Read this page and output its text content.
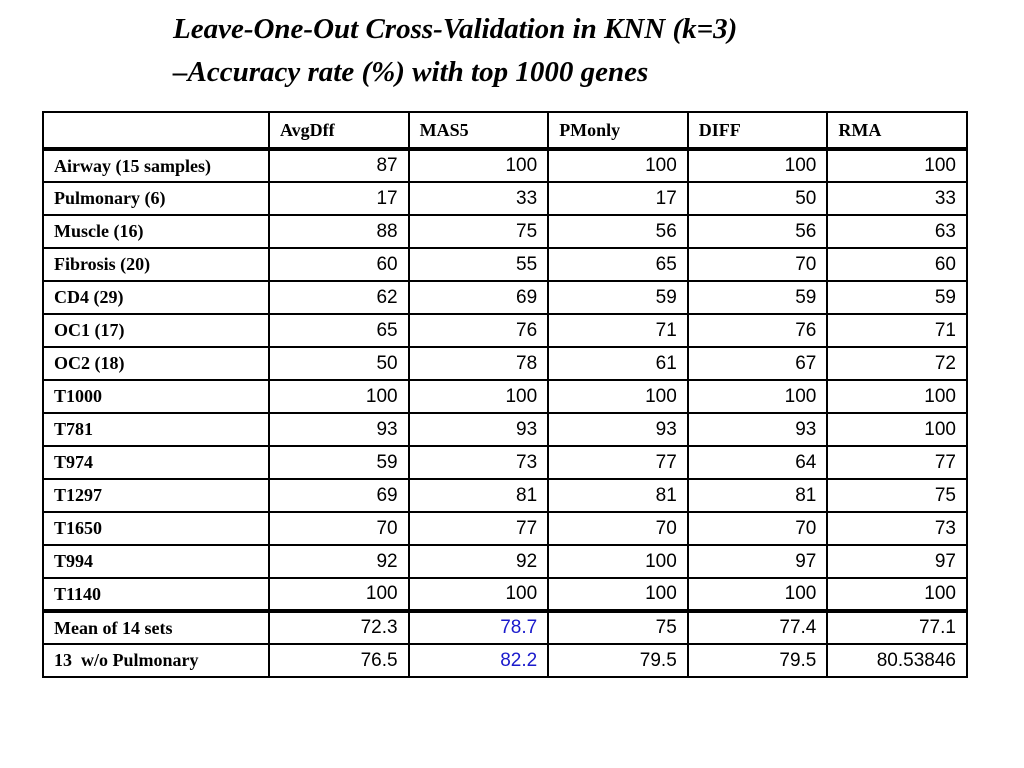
Leave-One-Out Cross-Validation in KNN (k=3)
–Accuracy rate (%) with top 1000 genes
	AvgDff	MAS5	PMonly	DIFF	RMA
Airway (15 samples)	87	100	100	100	100
Pulmonary (6)	17	33	17	50	33
Muscle (16)	88	75	56	56	63
Fibrosis (20)	60	55	65	70	60
CD4 (29)	62	69	59	59	59
OC1 (17)	65	76	71	76	71
OC2 (18)	50	78	61	67	72
T1000	100	100	100	100	100
T781	93	93	93	93	100
T974	59	73	77	64	77
T1297	69	81	81	81	75
T1650	70	77	70	70	73
T994	92	92	100	97	97
T1140	100	100	100	100	100
Mean of 14 sets	72.3	78.7	75	77.4	77.1
13  w/o Pulmonary	76.5	82.2	79.5	79.5	80.53846
